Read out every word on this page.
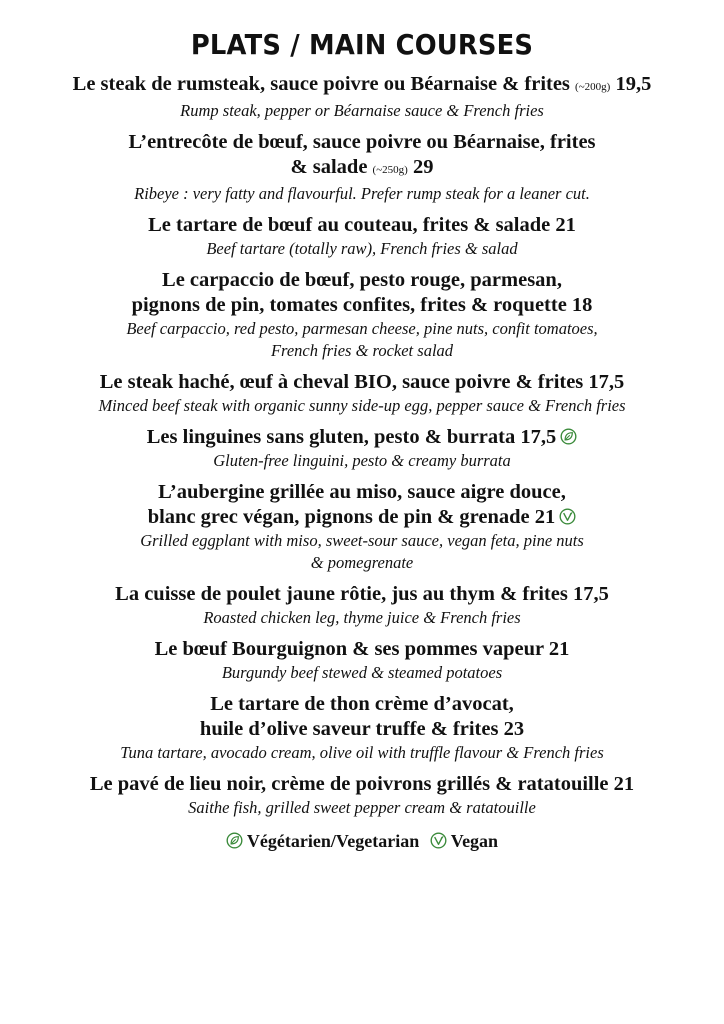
PLATS / MAIN COURSES
Le steak de rumsteak, sauce poivre ou Béarnaise & frites (~200g) 19,5
Rump steak, pepper or Béarnaise sauce & French fries
L’entrecôte de bœuf, sauce poivre ou Béarnaise, frites
& salade (~250g) 29
Ribeye : very fatty and flavourful. Prefer rump steak for a leaner cut.
Le tartare de bœuf au couteau, frites & salade 21
Beef tartare (totally raw), French fries & salad
Le carpaccio de bœuf, pesto rouge, parmesan,
pignons de pin, tomates confites, frites & roquette 18
Beef carpaccio, red pesto, parmesan cheese, pine nuts, confit tomatoes,
French fries & rocket salad
Le steak haché, œuf à cheval BIO, sauce poivre & frites 17,5
Minced beef steak with organic sunny side-up egg, pepper sauce & French fries
Les linguines sans gluten, pesto & burrata 17,5
Gluten-free linguini, pesto & creamy burrata
L’aubergine grillée au miso, sauce aigre douce,
blanc grec végan, pignons de pin & grenade 21
Grilled eggplant with miso, sweet-sour sauce, vegan feta, pine nuts
& pomegrenate
La cuisse de poulet jaune rôtie, jus au thym & frites 17,5
Roasted chicken leg, thyme juice & French fries
Le bœuf Bourguignon & ses pommes vapeur 21
Burgundy beef stewed & steamed potatoes
Le tartare de thon crème d’avocat,
huile d’olive saveur truffe & frites 23
Tuna tartare, avocado cream, olive oil with truffle flavour & French fries
Le pavé de lieu noir, crème de poivrons grillés & ratatouille 21
Saithe fish, grilled sweet pepper cream & ratatouille
Végétarien/Vegetarian Vegan
